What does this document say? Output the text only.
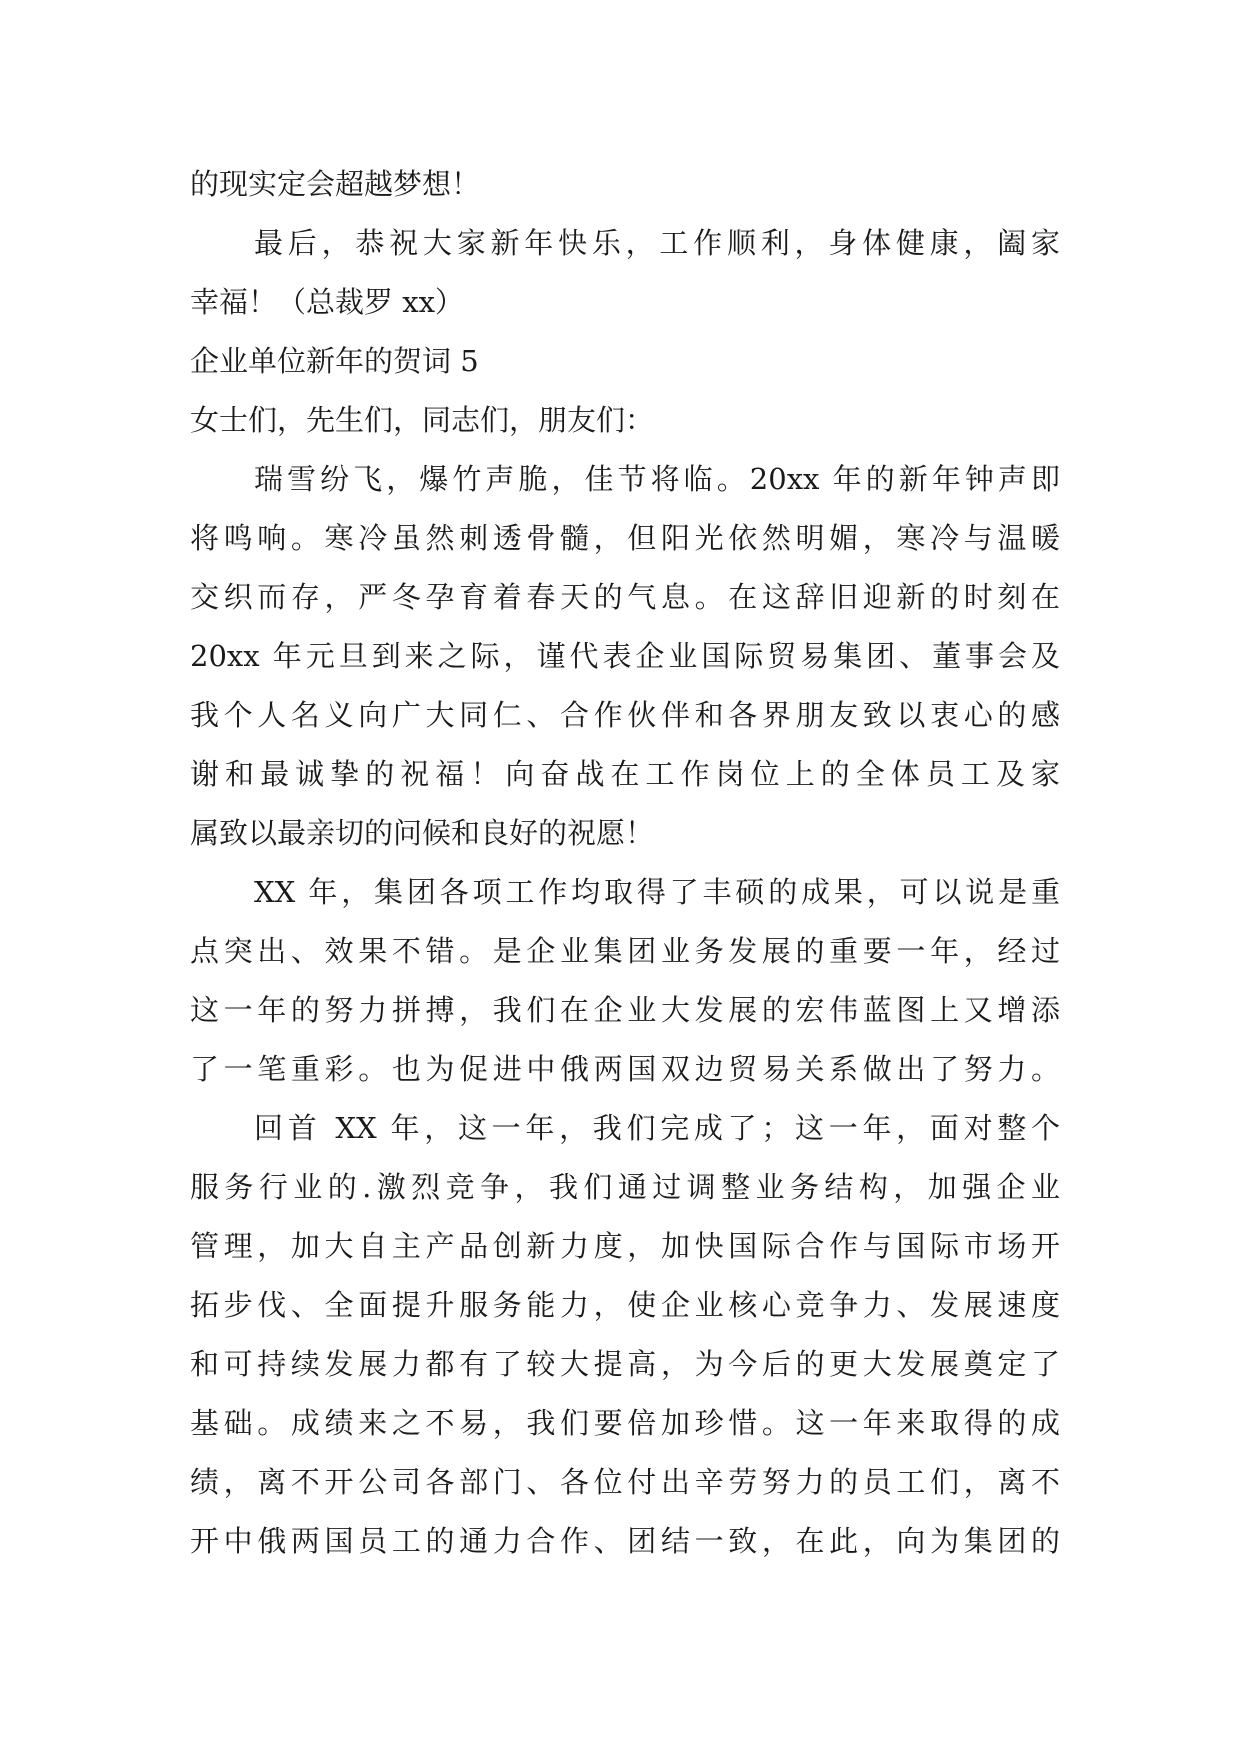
的现实定会超越梦想！
最后，恭祝大家新年快乐，工作顺利，身体健康，阖家
幸福！（总裁罗 xx）
企业单位新年的贺词 5
女士们，先生们，同志们，朋友们：
瑞雪纷飞，爆竹声脆，佳节将临。20xx 年的新年钟声即
将鸣响。寒冷虽然刺透骨髓，但阳光依然明媚，寒冷与温暖
交织而存，严冬孕育着春天的气息。在这辞旧迎新的时刻在
20xx 年元旦到来之际，谨代表企业国际贸易集团、董事会及
我个人名义向广大同仁、合作伙伴和各界朋友致以衷心的感
谢和最诚挚的祝福！向奋战在工作岗位上的全体员工及家
属致以最亲切的问候和良好的祝愿！
XX 年，集团各项工作均取得了丰硕的成果，可以说是重
点突出、效果不错。是企业集团业务发展的重要一年，经过
这一年的努力拼搏，我们在企业大发展的宏伟蓝图上又增添
了一笔重彩。也为促进中俄两国双边贸易关系做出了努力。
回首 XX 年，这一年，我们完成了；这一年，面对整个
服务行业的.激烈竞争，我们通过调整业务结构，加强企业
管理，加大自主产品创新力度，加快国际合作与国际市场开
拓步伐、全面提升服务能力，使企业核心竞争力、发展速度
和可持续发展力都有了较大提高，为今后的更大发展奠定了
基础。成绩来之不易，我们要倍加珍惜。这一年来取得的成
绩，离不开公司各部门、各位付出辛劳努力的员工们，离不
开中俄两国员工的通力合作、团结一致，在此，向为集团的
